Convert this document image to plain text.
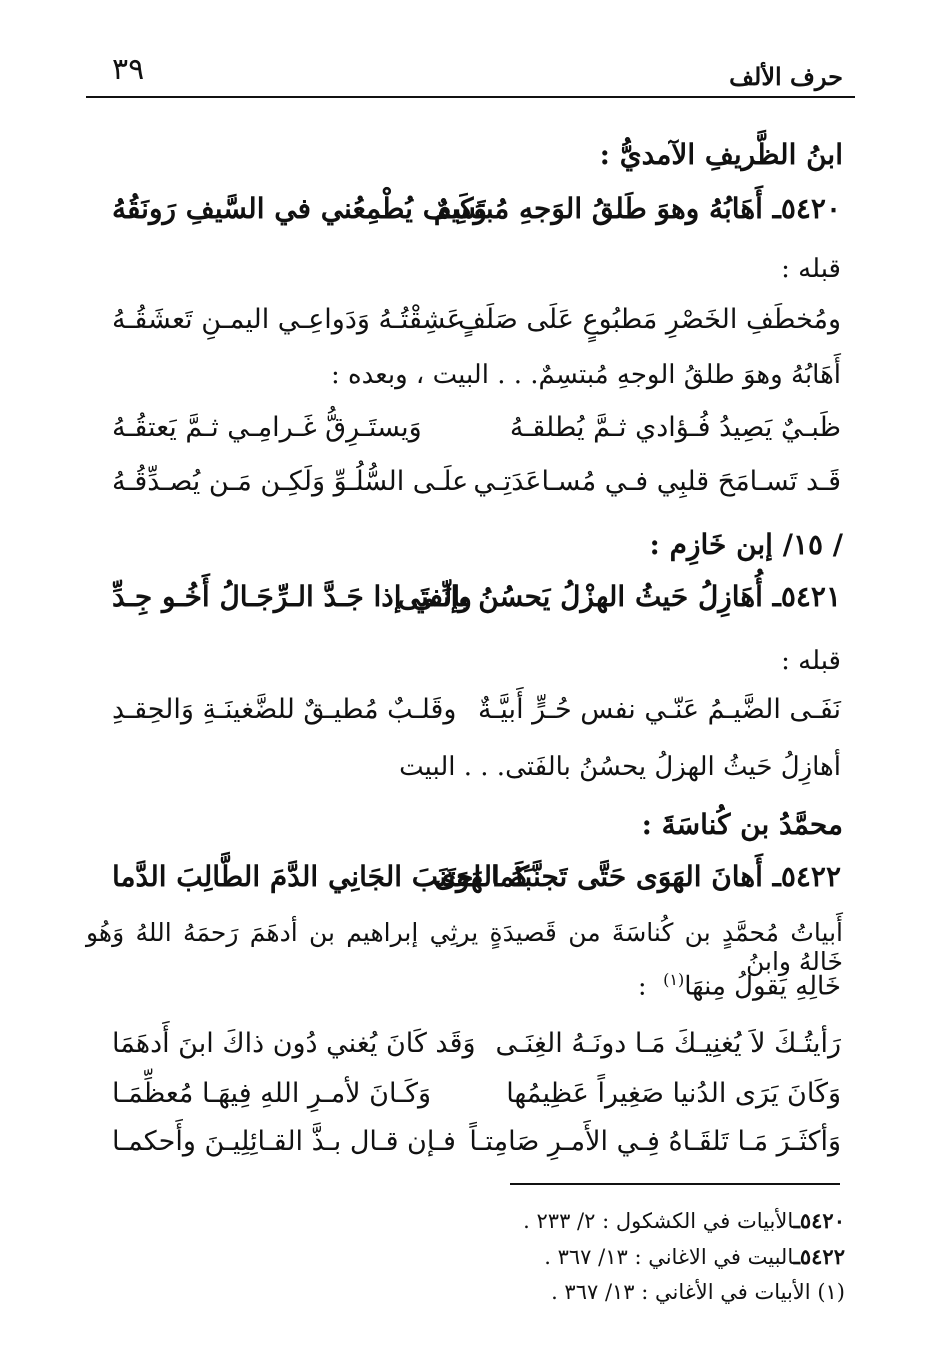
٣٩	حرف الألف
ابنُ الظَّريفِ الآمديُّ :
٥٤٢٠ـ أَهَابُهُ وهوَ طَلقُ الوَجهِ مُبتَسِمٌ
وَكَيف يُطْمِعُني في السَّيفِ رَونَقُهُ
قبله :
ومُخطَفِ الخَصْرِ مَطبُوعٍ عَلَى صَلَفٍ
عَشِقْتُـهُ وَدَواعِـي اليمـنِ تَعشَقُـهُ
أَهَابُهُ وهوَ طلقُ الوجهِ مُبتسِمٌ. . . البيت ، وبعده :
ظَبـيٌ يَصِيدُ فُـؤادي ثـمَّ يُطلقـهُ
وَيستَـرِقُّ غَـرامِـي ثـمَّ يَعتقُـهُ
قَـد تَسـامَحَ قلبِي فـي مُسـاعَدَتِـي
علَـى السُّلُـوِّ وَلَكِـن مَـن يُصـدِّقُـهُ
/ ١٥/ إبن خَازِم :
٥٤٢١ـ أُهَازِلُ حَيثُ الهزْلُ يَحسُنُ بالفتَى
وإنِّـي إذا جَـدَّ الـرِّجَـالُ أَخُـو جِـدِّ
قبله :
نَفَـى الضَّيـمُ عَنّـي نفس حُـرٍّ أَبيَّـةٌ
وقَلـبٌ مُطيـقٌ للضَّغينَـةِ وَالحِقـدِ
أهازِلُ حَيثُ الهزلُ يحسُنُ بالفَتى. . . البيت
محمَّدُ بن كُناسَةَ :
٥٤٢٢ـ أَهانَ الهَوَى حَتَّى تَجنَّبَهُ الهَوَى
كَما اجتَنَبَ الجَانِي الدَّمَ الطَّالِبَ الدَّما
أَبياتُ مُحمَّدٍ بن كُناسَةَ من قَصيدَةٍ يرثِي إبراهيم بن أدهَمَ رَحمَهُ اللهُ وَهُو خَالهُ وابنُ
خَالِهِ يَقولُ مِنهَا$^{(١)}$  :
رَأيتُـكَ لاَ يُغنِيـكَ مَـا دونَـهُ الغِنَـى
وَقَد كَانَ يُغني دُون ذاكَ ابنَ أَدهَمَا
وَكَانَ يَرَى الدُنيا صَغِيراً عَظِيمُها
وَكَـانَ لأمـرِ اللهِ فِيهَـا مُعظِّمَـا
وَأكثَـرَ مَـا تَلقَـاهُ فِـي الأَمـرِ صَامِتـاً
فـإن قـال بـذَّ القـائِلِيـنَ وأَحكمـا
٥٤٢٠ـالأبيات في الكشكول : ٢/ ٢٣٣ .
٥٤٢٢ـالبيت في الاغاني : ١٣/ ٣٦٧ .
(١) الأبيات في الأغاني : ١٣/ ٣٦٧ .
